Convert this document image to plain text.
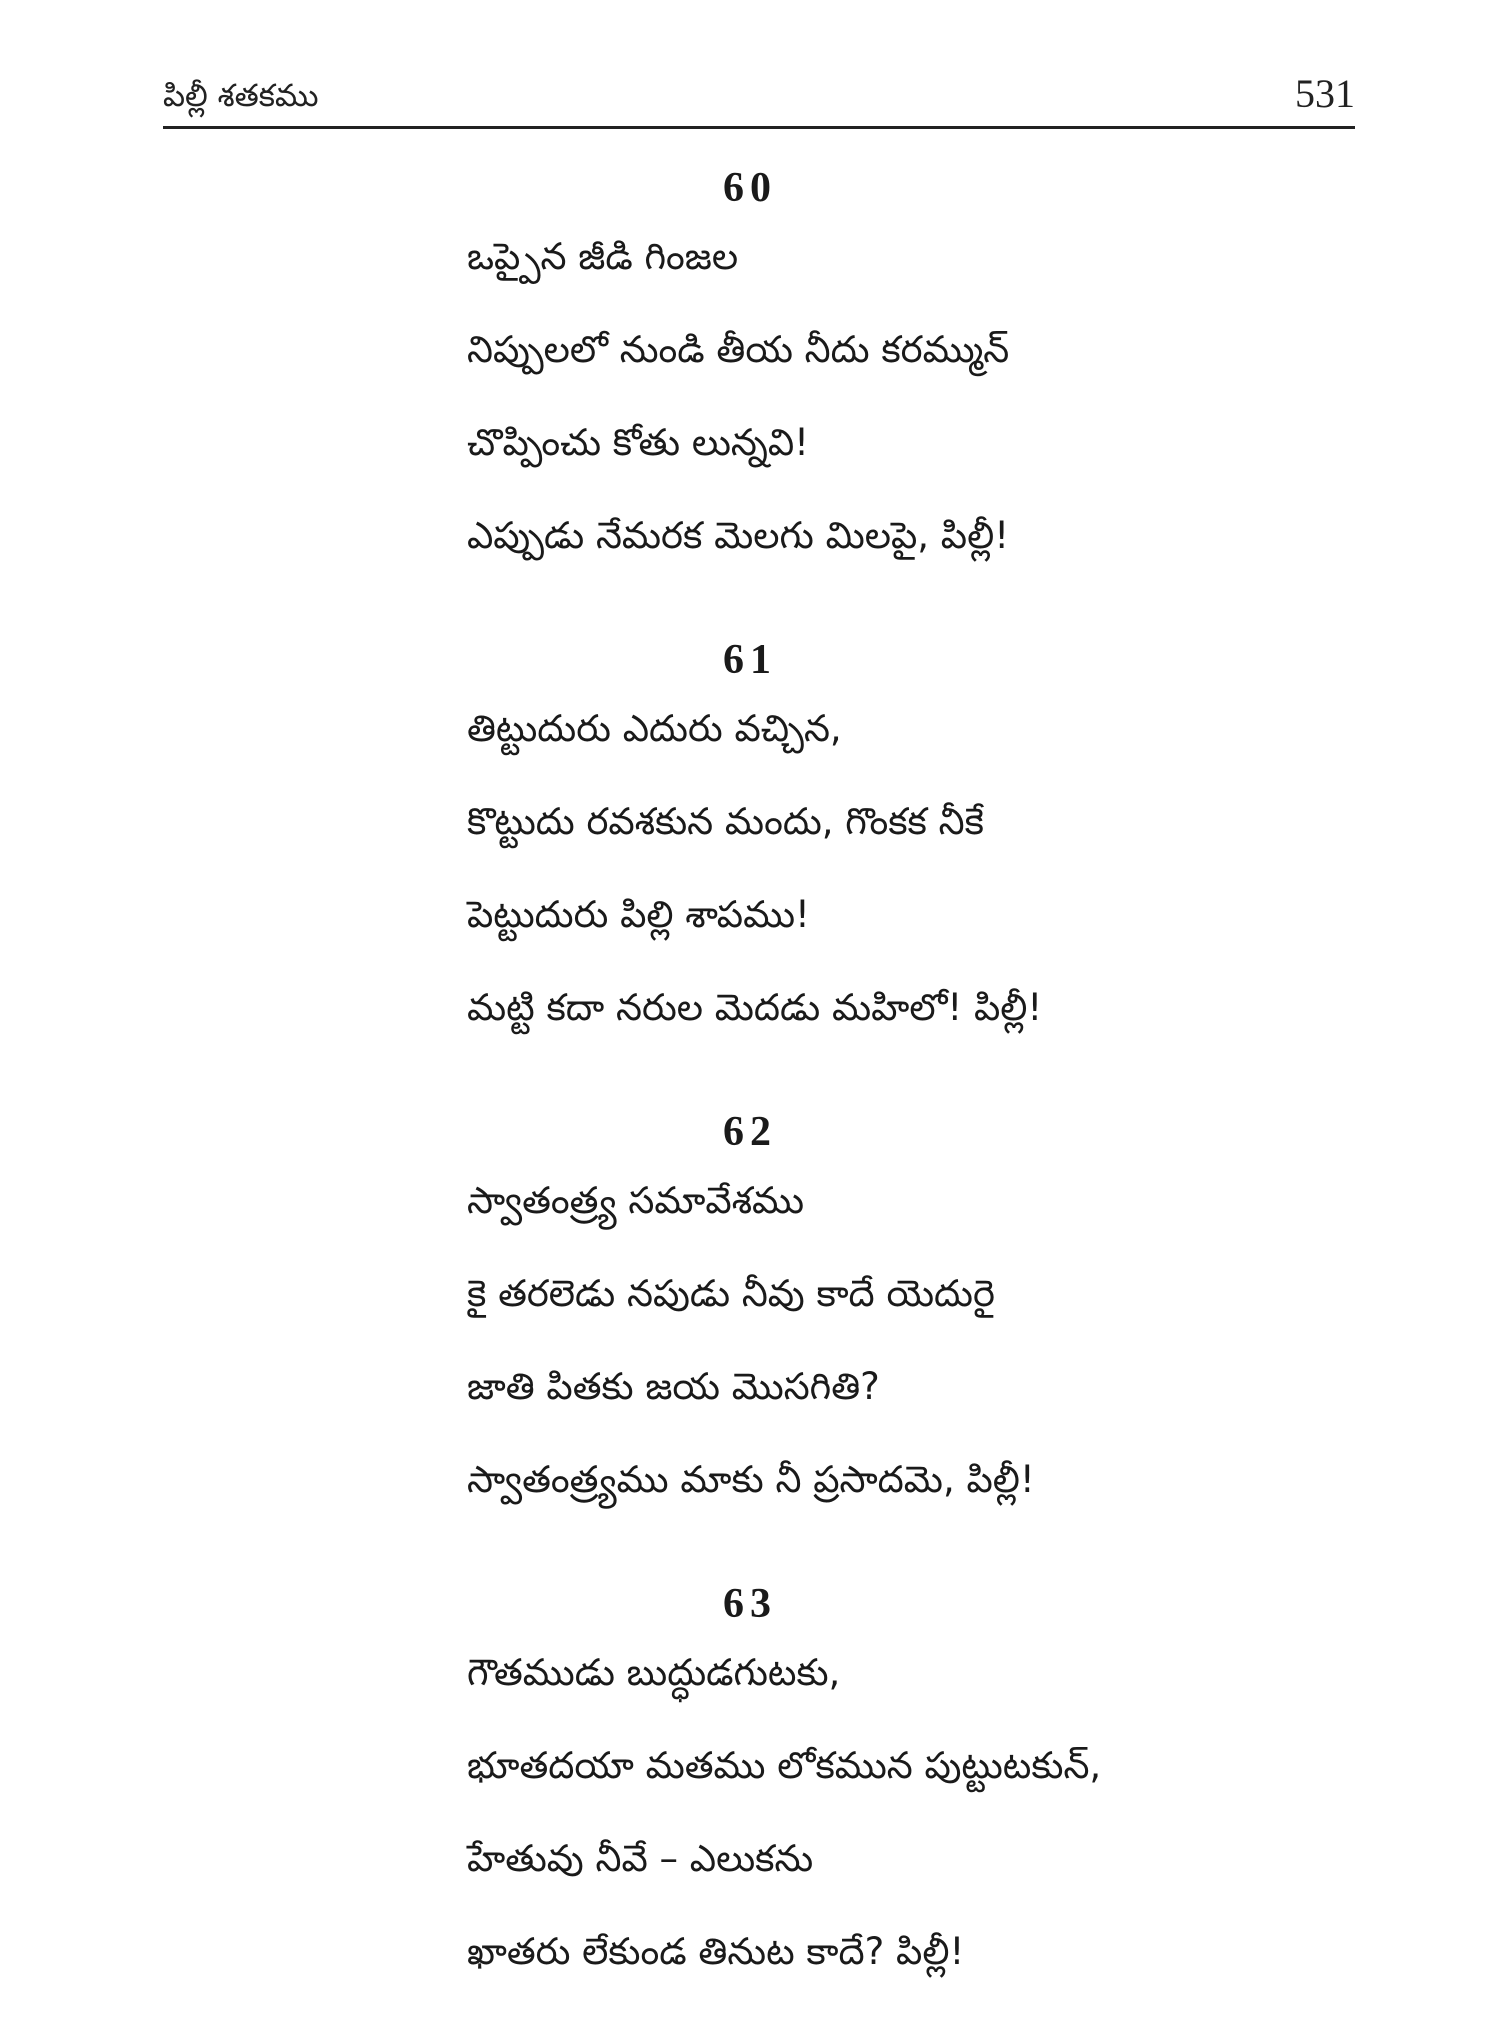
పిల్లీ శతకము	531
60
ఒప్పైన జీడి గింజల
నిప్పులలో నుండి తీయ నీదు కరమ్మున్
చొప్పించు కోతు లున్నవి!
ఎప్పుడు నేమరక మెలగు మిలపై, పిల్లీ!
61
తిట్టుదురు ఎదురు వచ్చిన,
కొట్టుదు రవశకున మందు, గొంకక నీకే
పెట్టుదురు పిల్లి శాపము!
మట్టి కదా నరుల మెదడు మహిలో! పిల్లీ!
62
స్వాతంత్ర్య సమావేశము
కై తరలెడు నపుడు నీవు కాదే యెదురై
జాతి పితకు జయ మొసగితి?
స్వాతంత్ర్యము మాకు నీ ప్రసాదమె, పిల్లీ!
63
గౌతముడు బుద్ధుడగుటకు,
భూతదయా మతము లోకమున పుట్టుటకున్,
హేతువు నీవే – ఎలుకను
ఖాతరు లేకుండ తినుట కాదే? పిల్లీ!
